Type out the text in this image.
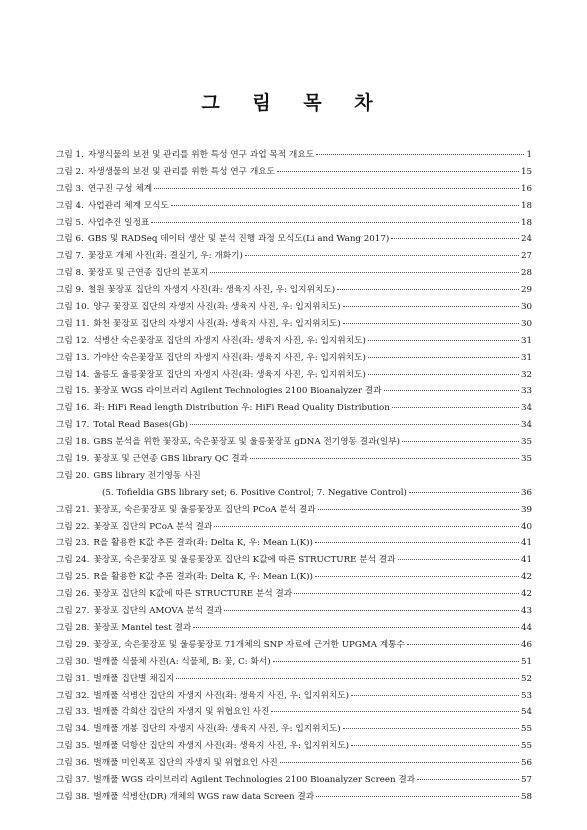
그 림 목 차
그림 1. 자생식물의 보전 및 관리를 위한 특성 연구 과업 목적 개요도	1
그림 2. 자생생물의 보전 및 관리를 위한 특성 연구 개요도	15
그림 3. 연구진 구성 체계	16
그림 4. 사업관리 체계 모식도	18
그림 5. 사업추진 일정표	18
그림 6. GBS 및 RADSeq 데이터 생산 및 분석 진행 과정 모식도(Li and Wang 2017)	24
그림 7. 꽃장포 개체 사진(좌: 결실기, 우: 개화기)	27
그림 8. 꽃장포 및 근연종 집단의 분포지	28
그림 9. 철원 꽃장포 집단의 자생지 사진(좌: 생육지 사진, 우: 입지위치도)	29
그림 10. 양구 꽃장포 집단의 자생지 사진(좌: 생육지 사진, 우: 입지위치도)	30
그림 11. 화천 꽃장포 집단의 자생지 사진(좌: 생육지 사진, 우: 입지위치도)	30
그림 12. 석병산 숙은꽃장포 집단의 자생지 사진(좌: 생육지 사진, 우: 입지위치도)	31
그림 13. 가야산 숙은꽃장포 집단의 자생지 사진(좌: 생육지 사진, 우: 입지위치도)	31
그림 14. 울릉도 울릉꽃장포 집단의 자생지 사진(좌: 생육지 사진, 우: 입지위치도)	32
그림 15. 꽃장포 WGS 라이브러리 Agilent Technologies 2100 Bioanalyzer 결과	33
그림 16. 좌: HiFi Read length Distribution 우: HiFi Read Quality Distribution	34
그림 17. Total Read Bases(Gb)	34
그림 18. GBS 분석을 위한 꽃장포, 숙은꽃장포 및 울릉꽃장포 gDNA 전기영동 결과(일부)	35
그림 19. 꽃장포 및 근연종 GBS library QC 결과	35
그림 20. GBS library 전기영동 사진
(5. Tofieldia GBS library set; 6. Positive Control; 7. Negative Control)	36
그림 21. 꽃장포, 숙은꽃장포 및 울릉꽃장포 집단의 PCoA 분석 결과	39
그림 22. 꽃장포 집단의 PCoA 분석 결과	40
그림 23. R을 활용한 K값 추론 결과(좌: Delta K, 우: Mean L(K))	41
그림 24. 꽃장포, 숙은꽃장포 및 울릉꽃장포 집단의 K값에 따른 STRUCTURE 분석 결과	41
그림 25. R을 활용한 K값 추론 결과(좌: Delta K, 우: Mean L(K))	42
그림 26. 꽃장포 집단의 K값에 따른 STRUCTURE 분석 결과	42
그림 27. 꽃장포 집단의 AMOVA 분석 결과	43
그림 28. 꽃장포 Mantel test 결과	44
그림 29. 꽃장포, 숙은꽃장포 및 울릉꽃장포 71개체의 SNP 자료에 근거한 UPGMA 계통수	46
그림 30. 벌깨풀 식물체 사진(A: 식물체, B: 꽃, C: 화서)	51
그림 31. 벌깨풀 집단별 채집지	52
그림 32. 벌깨풀 석병산 집단의 자생지 사진(좌: 생육지 사진, 우: 입지위치도)	53
그림 33. 벌깨풀 각희산 집단의 자생지 및 위협요인 사진	54
그림 34. 벌깨풀 개봉 집단의 자생지 사진(좌: 생육지 사진, 우: 입지위치도)	55
그림 35. 벌깨풀 덕항산 집단의 자생지 사진(좌: 생육지 사진, 우: 입지위치도)	55
그림 36. 벌깨풀 미인폭포 집단의 자생지 및 위협요인 사진	56
그림 37. 벌깨풀 WGS 라이브러리 Agilent Technologies 2100 Bioanalyzer Screen 결과	57
그림 38. 벌깨풀 석병산(DR) 개체의 WGS raw data Screen 결과	58
